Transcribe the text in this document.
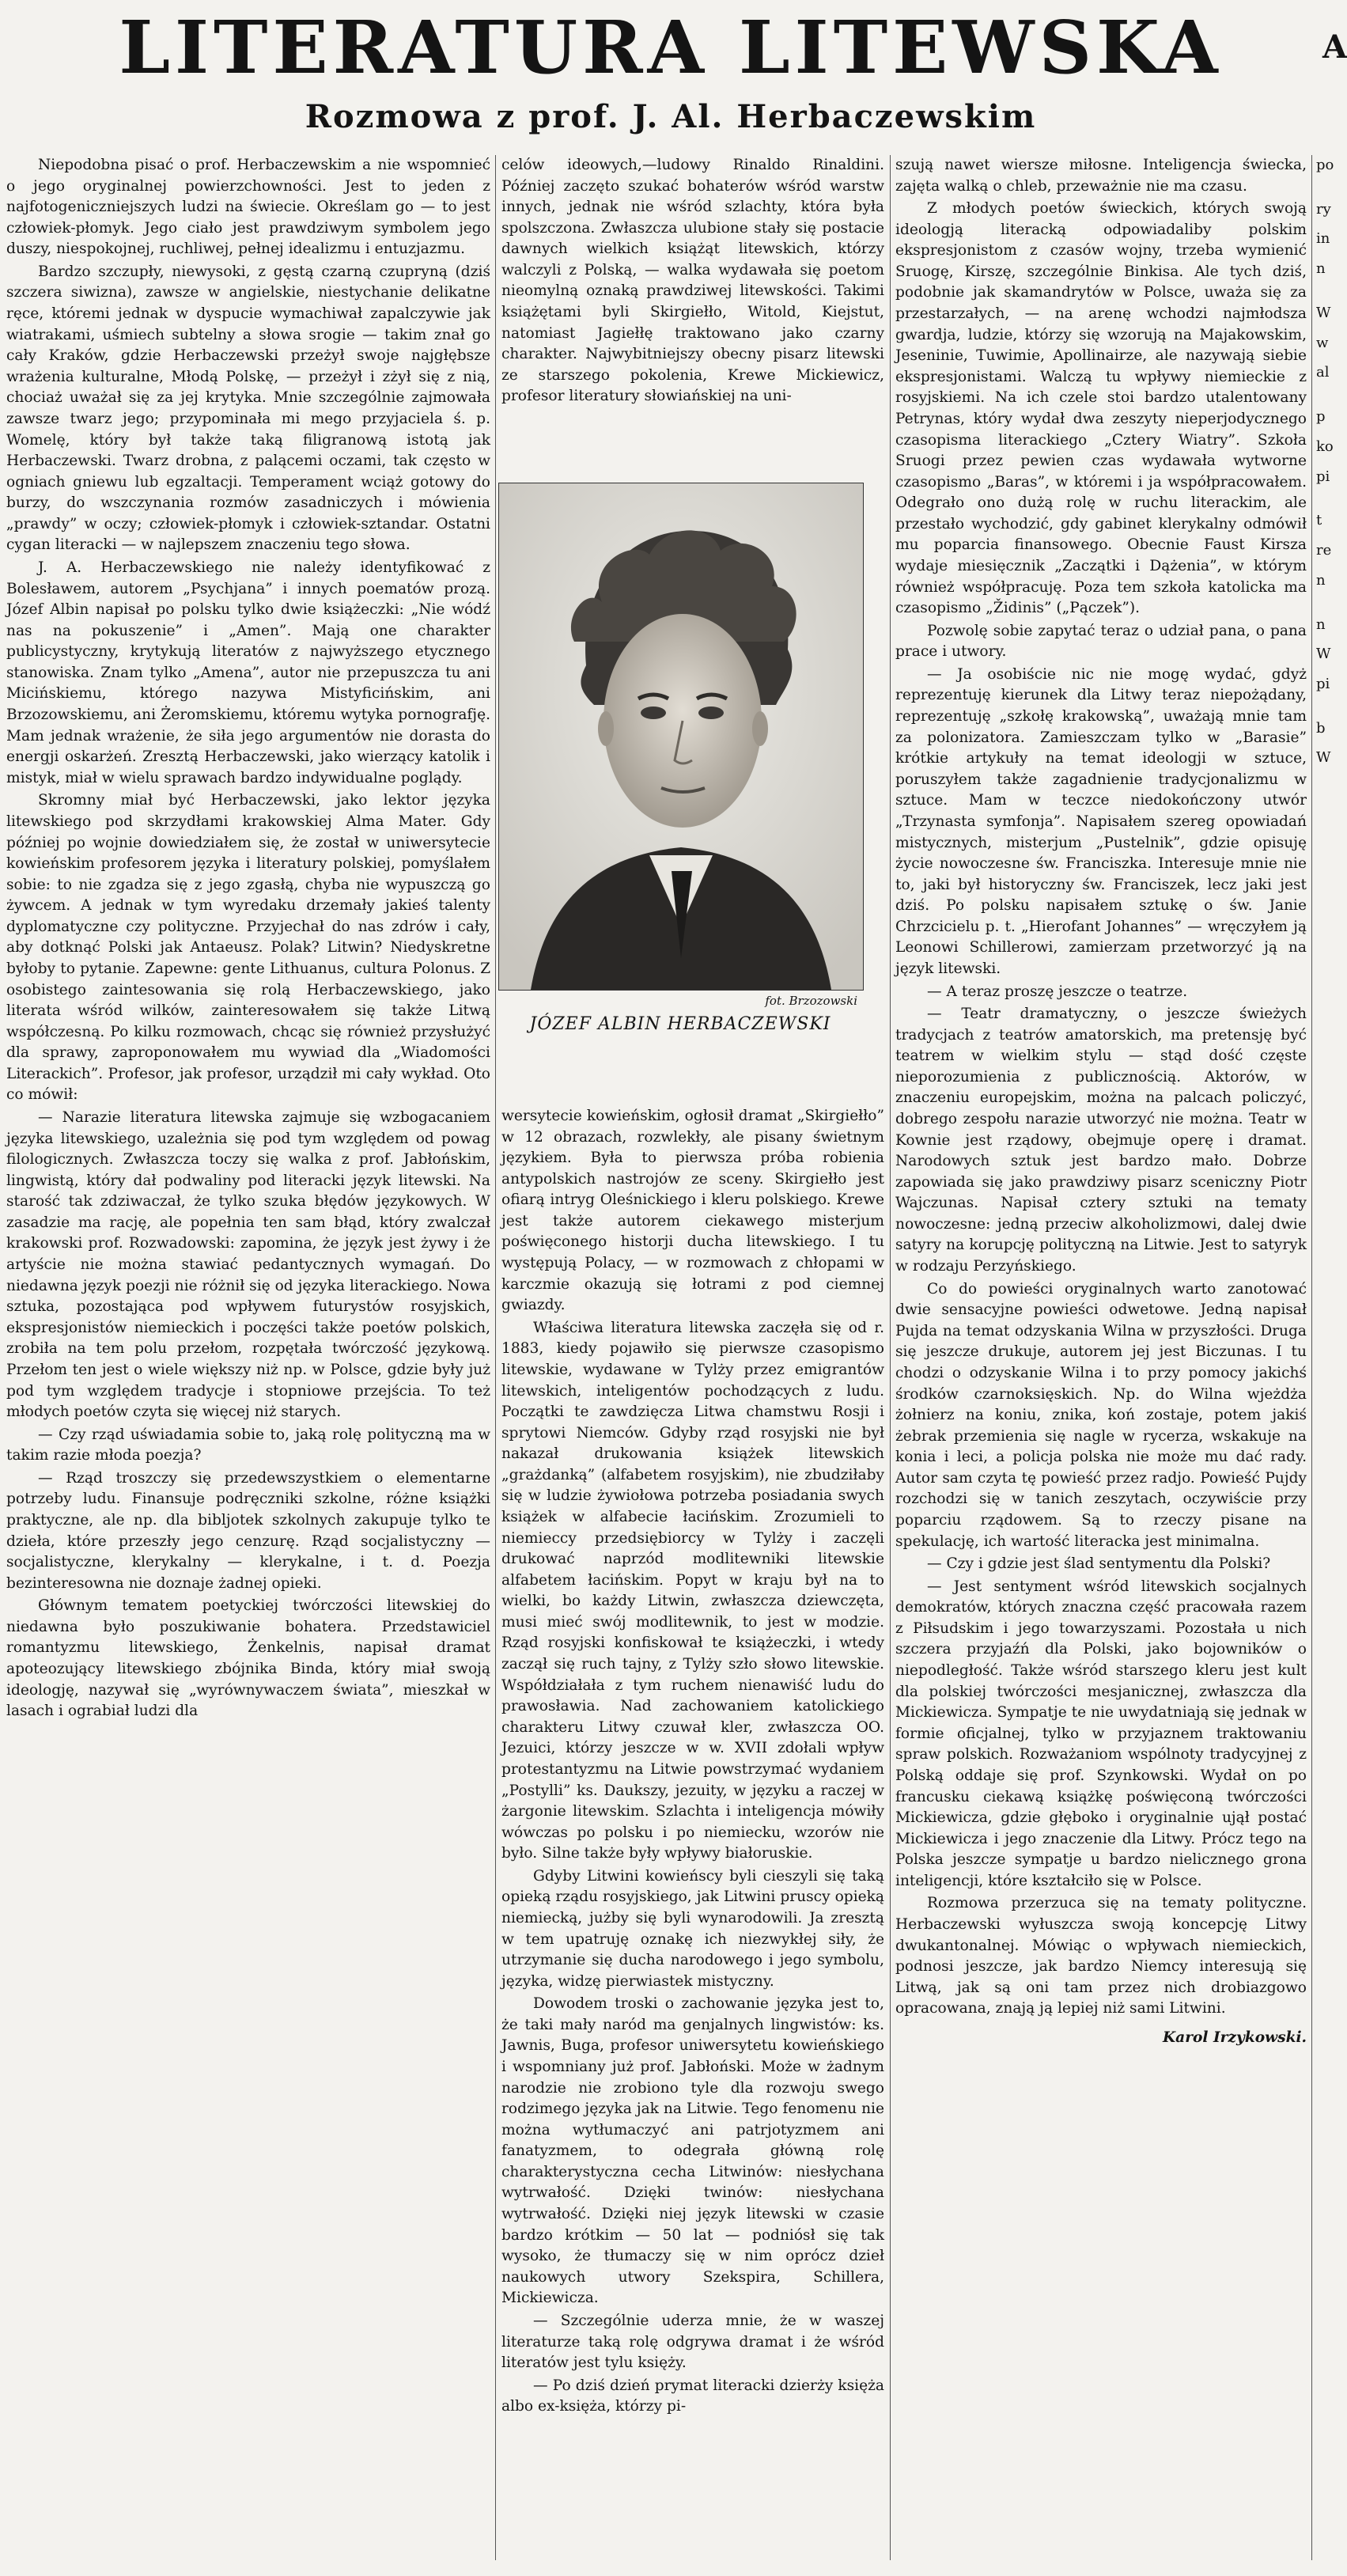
LITERATURA LITEWSKA
Rozmowa z prof. J. Al. Herbaczewskim
A

Niepodobna pisać o prof. Herbaczewskim a nie wspomnieć o jego oryginalnej powierzchowności. Jest to jeden z najfotogeniczniejszych ludzi na świecie. Określam go — to jest człowiek-płomyk. Jego ciało jest prawdziwym symbolem jego duszy, niespokojnej, ruchliwej, pełnej idealizmu i entuzjazmu.

Bardzo szczupły, niewysoki, z gęstą czarną czupryną (dziś szczera siwizna), zawsze w angielskie, niestychanie delikatne ręce, któremi jednak w dyspucie wymachiwał zapalczywie jak wiatrakami, uśmiech subtelny a słowa srogie — takim znał go cały Kraków, gdzie Herbaczewski przeżył swoje najgłębsze wrażenia kulturalne, Młodą Polskę, — przeżył i zżył się z nią, chociaż uważał się za jej krytyka. Mnie szczególnie zajmowała zawsze twarz jego; przypominała mi mego przyjaciela ś. p. Womelę, który był także taką filigranową istotą jak Herbaczewski. Twarz drobna, z palącemi oczami, tak często w ogniach gniewu lub egzaltacji. Temperament wciąż gotowy do burzy, do wszczynania rozmów zasadniczych i mówienia „prawdy” w oczy; człowiek-płomyk i człowiek-sztandar. Ostatni cygan literacki — w najlepszem znaczeniu tego słowa.

J. A. Herbaczewskiego nie należy identyfikować z Bolesławem, autorem „Psychjana” i innych poematów prozą. Józef Albin napisał po polsku tylko dwie książeczki: „Nie wódź nas na pokuszenie” i „Amen”. Mają one charakter publicystyczny, krytykują literatów z najwyższego etycznego stanowiska. Znam tylko „Amena”, autor nie przepuszcza tu ani Micińskiemu, którego nazywa Mistyficińskim, ani Brzozowskiemu, ani Żeromskiemu, któremu wytyka pornografję. Mam jednak wrażenie, że siła jego argumentów nie dorasta do energji oskarżeń. Zresztą Herbaczewski, jako wierzący katolik i mistyk, miał w wielu sprawach bardzo indywidualne poglądy.

Skromny miał być Herbaczewski, jako lektor języka litewskiego pod skrzydłami krakowskiej Alma Mater. Gdy później po wojnie dowiedziałem się, że został w uniwersytecie kowieńskim profesorem języka i literatury polskiej, pomyślałem sobie: to nie zgadza się z jego zgasłą, chyba nie wypuszczą go żywcem. A jednak w tym wyredaku drzemały jakieś talenty dyplomatyczne czy polityczne. Przyjechał do nas zdrów i cały, aby dotknąć Polski jak Antaeusz. Polak? Litwin? Niedyskretne byłoby to pytanie. Zapewne: gente Lithuanus, cultura Polonus. Z osobistego zaintesowania się rolą Herbaczewskiego, jako literata wśród wilków, zainteresowałem się także Litwą współczesną. Po kilku rozmowach, chcąc się również przysłużyć dla sprawy, zaproponowałem mu wywiad dla „Wiadomości Literackich”. Profesor, jak profesor, urządził mi cały wykład. Oto co mówił:

— Narazie literatura litewska zajmuje się wzbogacaniem języka litewskiego, uzależnia się pod tym względem od powag filologicznych. Zwłaszcza toczy się walka z prof. Jabłońskim, lingwistą, który dał podwaliny pod literacki język litewski. Na starość tak zdziwaczał, że tylko szuka błędów językowych. W zasadzie ma rację, ale popełnia ten sam błąd, który zwalczał krakowski prof. Rozwadowski: zapomina, że język jest żywy i że artyście nie można stawiać pedantycznych wymagań. Do niedawna język poezji nie różnił się od języka literackiego. Nowa sztuka, pozostająca pod wpływem futurystów rosyjskich, ekspresjonistów niemieckich i poczęści także poetów polskich, zrobiła na tem polu przełom, rozpętała twórczość językową. Przełom ten jest o wiele większy niż np. w Polsce, gdzie były już pod tym względem tradycje i stopniowe przejścia. To też młodych poetów czyta się więcej niż starych.

— Czy rząd uświadamia sobie to, jaką rolę polityczną ma w takim razie młoda poezja?

— Rząd troszczy się przedewszystkiem o elementarne potrzeby ludu. Finansuje podręczniki szkolne, różne książki praktyczne, ale np. dla bibljotek szkolnych zakupuje tylko te dzieła, które przeszły jego cenzurę. Rząd socjalistyczny — socjalistyczne, klerykalny — klerykalne, i t. d. Poezja bezinteresowna nie doznaje żadnej opieki.

Głównym tematem poetyckiej twórczości litewskiej do niedawna było poszukiwanie bohatera. Przedstawiciel romantyzmu litewskiego, Żenkelnis, napisał dramat apoteozujący litewskiego zbójnika Binda, który miał swoją ideologję, nazywał się „wyrównywaczem świata”, mieszkał w lasach i ograbiał ludzi dla

celów ideowych,—ludowy Rinaldo Rinaldini. Później zaczęto szukać bohaterów wśród warstw innych, jednak nie wśród szlachty, która była spolszczona. Zwłaszcza ulubione stały się postacie dawnych wielkich książąt litewskich, którzy walczyli z Polską, — walka wydawała się poetom nieomylną oznaką prawdziwej litewskości. Takimi książętami byli Skirgiełło, Witold, Kiejstut, natomiast Jagiełłę traktowano jako czarny charakter. Najwybitniejszy obecny pisarz litewski ze starszego pokolenia, Krewe Mickiewicz, profesor literatury słowiańskiej na uni-

fot. Brzozowski
JÓZEF ALBIN HERBACZEWSKI

wersytecie kowieńskim, ogłosił dramat „Skirgiełło” w 12 obrazach, rozwlekły, ale pisany świetnym językiem. Była to pierwsza próba robienia antypolskich nastrojów ze sceny. Skirgiełło jest ofiarą intryg Oleśnickiego i kleru polskiego. Krewe jest także autorem ciekawego misterjum poświęconego historji ducha litewskiego. I tu występują Polacy, — w rozmowach z chłopami w karczmie okazują się łotrami z pod ciemnej gwiazdy.

Właściwa literatura litewska zaczęła się od r. 1883, kiedy pojawiło się pierwsze czasopismo litewskie, wydawane w Tylży przez emigrantów litewskich, inteligentów pochodzących z ludu. Początki te zawdzięcza Litwa chamstwu Rosji i sprytowi Niemców. Gdyby rząd rosyjski nie był nakazał drukowania książek litewskich „grażdanką” (alfabetem rosyjskim), nie zbudziłaby się w ludzie żywiołowa potrzeba posiadania swych książek w alfabecie łacińskim. Zrozumieli to niemieccy przedsiębiorcy w Tylży i zaczęli drukować naprzód modlitewniki litewskie alfabetem łacińskim. Popyt w kraju był na to wielki, bo każdy Litwin, zwłaszcza dziewczęta, musi mieć swój modlitewnik, to jest w modzie. Rząd rosyjski konfiskował te książeczki, i wtedy zaczął się ruch tajny, z Tylży szło słowo litewskie. Współdziałała z tym ruchem nienawiść ludu do prawosławia. Nad zachowaniem katolickiego charakteru Litwy czuwał kler, zwłaszcza OO. Jezuici, którzy jeszcze w w. XVII zdołali wpływ protestantyzmu na Litwie powstrzymać wydaniem „Postylli” ks. Daukszy, jezuity, w języku a raczej w żargonie litewskim. Szlachta i inteligencja mówiły wówczas po polsku i po niemiecku, wzorów nie było. Silne także były wpływy białoruskie.

Gdyby Litwini kowieńscy byli cieszyli się taką opieką rządu rosyjskiego, jak Litwini pruscy opieką niemiecką, jużby się byli wynarodowili. Ja zresztą w tem upatruję oznakę ich niezwykłej siły, że utrzymanie się ducha narodowego i jego symbolu, języka, widzę pierwiastek mistyczny.

Dowodem troski o zachowanie języka jest to, że taki mały naród ma genjalnych lingwistów: ks. Jawnis, Buga, profesor uniwersytetu kowieńskiego i wspomniany już prof. Jabłoński. Może w żadnym narodzie nie zrobiono tyle dla rozwoju swego rodzimego języka jak na Litwie. Tego fenomenu nie można wytłumaczyć ani patrjotyzmem ani fanatyzmem, to odegrała główną rolę charakterystyczna cecha Litwinów: niesłychana wytrwałość. Dzięki twinów: niesłychana wytrwałość. Dzięki niej język litewski w czasie bardzo krótkim — 50 lat — podniósł się tak wysoko, że tłumaczy się w nim oprócz dzieł naukowych utwory Szekspira, Schillera, Mickiewicza.

— Szczególnie uderza mnie, że w waszej literaturze taką rolę odgrywa dramat i że wśród literatów jest tylu księży.

— Po dziś dzień prymat literacki dzierży księża albo ex-księża, którzy pi-

szują nawet wiersze miłosne. Inteligencja świecka, zajęta walką o chleb, przeważnie nie ma czasu.

Z młodych poetów świeckich, których swoją ideologją literacką odpowiadaliby polskim ekspresjonistom z czasów wojny, trzeba wymienić Sruogę, Kirszę, szczególnie Binkisa. Ale tych dziś, podobnie jak skamandrytów w Polsce, uważa się za przestarzałych, — na arenę wchodzi najmłodsza gwardja, ludzie, którzy się wzorują na Majakowskim, Jeseninie, Tuwimie, Apollinairze, ale nazywają siebie ekspresjonistami. Walczą tu wpływy niemieckie z rosyjskiemi. Na ich czele stoi bardzo utalentowany Petrynas, który wydał dwa zeszyty nieperjodycznego czasopisma literackiego „Cztery Wiatry”. Szkoła Sruogi przez pewien czas wydawała wytworne czasopismo „Baras”, w któremi i ja współpracowałem. Odegrało ono dużą rolę w ruchu literackim, ale przestało wychodzić, gdy gabinet klerykalny odmówił mu poparcia finansowego. Obecnie Faust Kirsza wydaje miesięcznik „Zaczątki i Dążenia”, w którym również współpracuję. Poza tem szkoła katolicka ma czasopismo „Židinis” („Pączek”).

Pozwolę sobie zapytać teraz o udział pana, o pana prace i utwory.

— Ja osobiście nic nie mogę wydać, gdyż reprezentuję kierunek dla Litwy teraz niepożądany, reprezentuję „szkołę krakowską”, uważają mnie tam za polonizatora. Zamieszczam tylko w „Barasie” krótkie artykuły na temat ideologji w sztuce, poruszyłem także zagadnienie tradycjonalizmu w sztuce. Mam w teczce niedokończony utwór „Trzynasta symfonja”. Napisałem szereg opowiadań mistycznych, misterjum „Pustelnik”, gdzie opisuję życie nowoczesne św. Franciszka. Interesuje mnie nie to, jaki był historyczny św. Franciszek, lecz jaki jest dziś. Po polsku napisałem sztukę o św. Janie Chrzcicielu p. t. „Hierofant Johannes” — wręczyłem ją Leonowi Schillerowi, zamierzam przetworzyć ją na język litewski.

— A teraz proszę jeszcze o teatrze.

— Teatr dramatyczny, o jeszcze świeżych tradycjach z teatrów amatorskich, ma pretensję być teatrem w wielkim stylu — stąd dość częste nieporozumienia z publicznością. Aktorów, w znaczeniu europejskim, można na palcach policzyć, dobrego zespołu narazie utworzyć nie można. Teatr w Kownie jest rządowy, obejmuje operę i dramat. Narodowych sztuk jest bardzo mało. Dobrze zapowiada się jako prawdziwy pisarz sceniczny Piotr Wajczunas. Napisał cztery sztuki na tematy nowoczesne: jedną przeciw alkoholizmowi, dalej dwie satyry na korupcję polityczną na Litwie. Jest to satyryk w rodzaju Perzyńskiego.

Co do powieści oryginalnych warto zanotować dwie sensacyjne powieści odwetowe. Jedną napisał Pujda na temat odzyskania Wilna w przyszłości. Druga się jeszcze drukuje, autorem jej jest Biczunas. I tu chodzi o odzyskanie Wilna i to przy pomocy jakichś środków czarnoksięskich. Np. do Wilna wjeżdża żołnierz na koniu, znika, koń zostaje, potem jakiś żebrak przemienia się nagle w rycerza, wskakuje na konia i leci, a policja polska nie może mu dać rady. Autor sam czyta tę powieść przez radjo. Powieść Pujdy rozchodzi się w tanich zeszytach, oczywiście przy poparciu rządowem. Są to rzeczy pisane na spekulację, ich wartość literacka jest minimalna.

— Czy i gdzie jest ślad sentymentu dla Polski?

— Jest sentyment wśród litewskich socjalnych demokratów, których znaczna część pracowała razem z Piłsudskim i jego towarzyszami. Pozostała u nich szczera przyjaźń dla Polski, jako bojowników o niepodległość. Także wśród starszego kleru jest kult dla polskiej twórczości mesjanicznej, zwłaszcza dla Mickiewicza. Sympatje te nie uwydatniają się jednak w formie oficjalnej, tylko w przyjaznem traktowaniu spraw polskich. Rozważaniom wspólnoty tradycyjnej z Polską oddaje się prof. Szynkowski. Wydał on po francusku ciekawą książkę poświęconą twórczości Mickiewicza, gdzie głęboko i oryginalnie ujął postać Mickiewicza i jego znaczenie dla Litwy. Prócz tego na Polska jeszcze sympatje u bardzo nielicznego grona inteligencji, które kształciło się w Polsce.

Rozmowa przerzuca się na tematy polityczne. Herbaczewski wyłuszcza swoją koncepcję Litwy dwukantonalnej. Mówiąc o wpływach niemieckich, podnosi jeszcze, jak bardzo Niemcy interesują się Litwą, jak są oni tam przez nich drobiazgowo opracowana, znają ją lepiej niż sami Litwini.

Karol Irzykowski.

po
ry
in
n
W
w
al
p
ko
pi
t
re
n
n
W
pi
b
W
